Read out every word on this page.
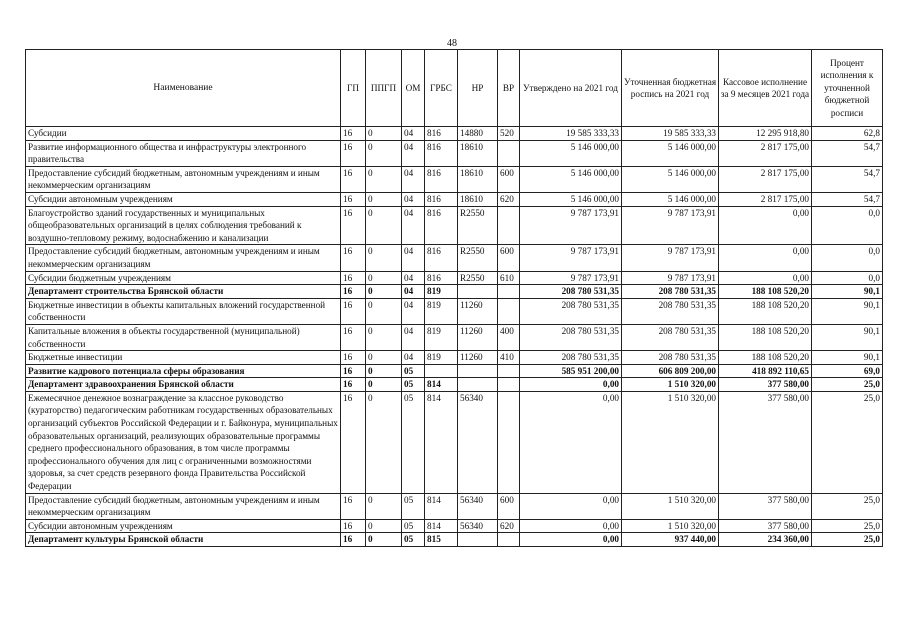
48
Наименование	ГП	ППГП	ОМ	ГРБС	НР	ВР	Утверждено на 2021 год	Уточненная бюджетная роспись на 2021 год	Кассовое исполнение за 9 месяцев 2021 года	Процент исполнения к уточненной бюджетной росписи
Субсидии	16	0	04	816	14880	520	19 585 333,33	19 585 333,33	12 295 918,80	62,8
Развитие информационного общества и инфраструктуры электронного правительства	16	0	04	816	18610		5 146 000,00	5 146 000,00	2 817 175,00	54,7
Предоставление субсидий бюджетным, автономным учреждениям и иным некоммерческим организациям	16	0	04	816	18610	600	5 146 000,00	5 146 000,00	2 817 175,00	54,7
Субсидии автономным учреждениям	16	0	04	816	18610	620	5 146 000,00	5 146 000,00	2 817 175,00	54,7
Благоустройство зданий государственных и муниципальных общеобразовательных организаций в целях соблюдения требований к воздушно-тепловому режиму, водоснабжению и канализации	16	0	04	816	R2550		9 787 173,91	9 787 173,91	0,00	0,0
Предоставление субсидий бюджетным, автономным учреждениям и иным некоммерческим организациям	16	0	04	816	R2550	600	9 787 173,91	9 787 173,91	0,00	0,0
Субсидии бюджетным учреждениям	16	0	04	816	R2550	610	9 787 173,91	9 787 173,91	0,00	0,0
Департамент строительства Брянской области	16	0	04	819			208 780 531,35	208 780 531,35	188 108 520,20	90,1
Бюджетные инвестиции в объекты капитальных вложений государственной собственности	16	0	04	819	11260		208 780 531,35	208 780 531,35	188 108 520,20	90,1
Капитальные вложения в объекты государственной (муниципальной) собственности	16	0	04	819	11260	400	208 780 531,35	208 780 531,35	188 108 520,20	90,1
Бюджетные инвестиции	16	0	04	819	11260	410	208 780 531,35	208 780 531,35	188 108 520,20	90,1
Развитие кадрового потенциала сферы образования	16	0	05				585 951 200,00	606 809 200,00	418 892 110,65	69,0
Департамент здравоохранения Брянской области	16	0	05	814			0,00	1 510 320,00	377 580,00	25,0
Ежемесячное денежное вознаграждение за классное руководство (кураторство) педагогическим работникам государственных образовательных организаций субъектов Российской Федерации и г. Байконура, муниципальных образовательных организаций, реализующих образовательные программы среднего профессионального образования, в том числе программы профессионального обучения для лиц с ограниченными возможностями здоровья, за счет средств резервного фонда Правительства Российской Федерации	16	0	05	814	56340		0,00	1 510 320,00	377 580,00	25,0
Предоставление субсидий бюджетным, автономным учреждениям и иным некоммерческим организациям	16	0	05	814	56340	600	0,00	1 510 320,00	377 580,00	25,0
Субсидии автономным учреждениям	16	0	05	814	56340	620	0,00	1 510 320,00	377 580,00	25,0
Департамент культуры Брянской области	16	0	05	815			0,00	937 440,00	234 360,00	25,0
